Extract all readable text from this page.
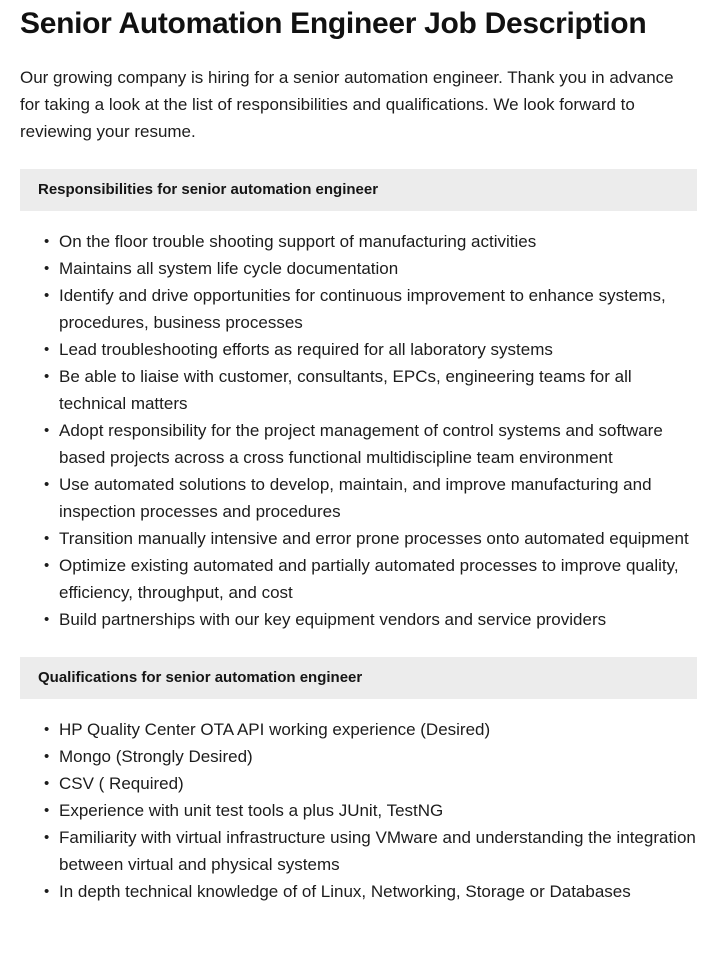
Senior Automation Engineer Job Description

Our growing company is hiring for a senior automation engineer. Thank you in advance for taking a look at the list of responsibilities and qualifications. We look forward to reviewing your resume.

Responsibilities for senior automation engineer
• On the floor trouble shooting support of manufacturing activities
• Maintains all system life cycle documentation
• Identify and drive opportunities for continuous improvement to enhance systems, procedures, business processes
• Lead troubleshooting efforts as required for all laboratory systems
• Be able to liaise with customer, consultants, EPCs, engineering teams for all technical matters
• Adopt responsibility for the project management of control systems and software based projects across a cross functional multidiscipline team environment
• Use automated solutions to develop, maintain, and improve manufacturing and inspection processes and procedures
• Transition manually intensive and error prone processes onto automated equipment
• Optimize existing automated and partially automated processes to improve quality, efficiency, throughput, and cost
• Build partnerships with our key equipment vendors and service providers
Qualifications for senior automation engineer
• HP Quality Center OTA API working experience (Desired)
• Mongo (Strongly Desired)
• CSV ( Required)
• Experience with unit test tools a plus JUnit, TestNG
• Familiarity with virtual infrastructure using VMware and understanding the integration between virtual and physical systems
• In depth technical knowledge of of Linux, Networking, Storage or Databases
